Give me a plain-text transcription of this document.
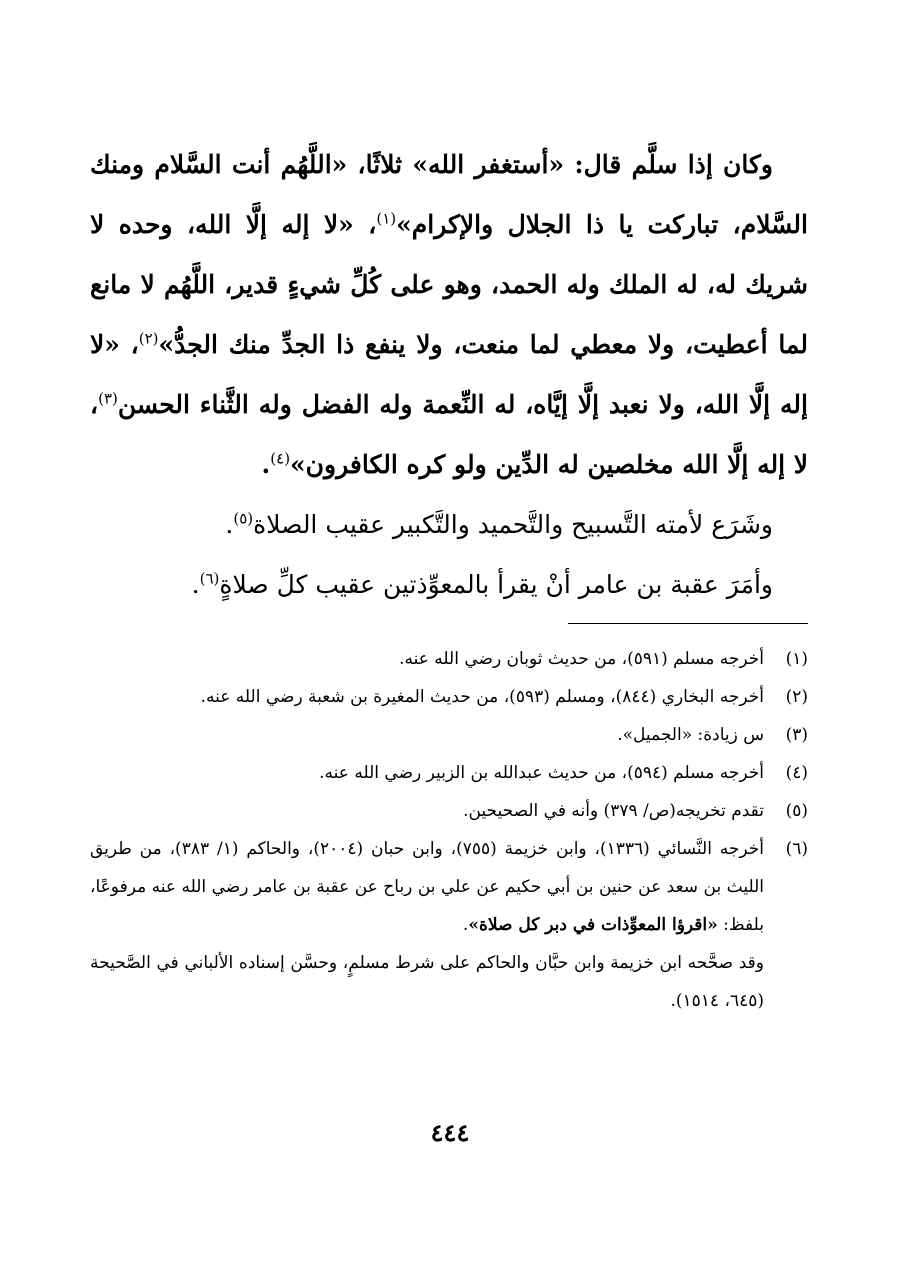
وكان إذا سلَّم قال: «أستغفر الله» ثلاثًا، «اللَّهُم أنت السَّلام ومنك السَّلام، تباركت يا ذا الجلال والإكرام»$^{(١)}$، «لا إله إلَّا الله، وحده لا شريك له، له الملك وله الحمد، وهو على كُلِّ شيءٍ قدير، اللَّهُم لا مانع لما أعطيت، ولا معطي لما منعت، ولا ينفع ذا الجدِّ منك الجدُّ»$^{(٢)}$، «لا إله إلَّا الله، ولا نعبد إلَّا إيَّاه، له النِّعمة وله الفضل وله الثَّناء الحسن$^{(٣)}$، لا إله إلَّا الله مخلصين له الدِّين ولو كره الكافرون»$^{(٤)}$.

وشَرَع لأمته التَّسبيح والتَّحميد والتَّكبير عقيب الصلاة$^{(٥)}$.

وأمَرَ عقبة بن عامر أنْ يقرأ بالمعوِّذتين عقيب كلِّ صلاةٍ$^{(٦)}$.

(١)
أخرجه مسلم (٥٩١)، من حديث ثوبان رضي الله عنه.
(٢)
أخرجه البخاري (٨٤٤)، ومسلم (٥٩٣)، من حديث المغيرة بن شعبة رضي الله عنه.
(٣)
س زيادة: «الجميل».
(٤)
أخرجه مسلم (٥٩٤)، من حديث عبدالله بن الزبير رضي الله عنه.
(٥)
تقدم تخريجه(ص/ ٣٧٩) وأنه في الصحيحين.
(٦)
أخرجه النَّسائي (١٣٣٦)، وابن خزيمة (٧٥٥)، وابن حبان (٢٠٠٤)، والحاكم (١/ ٣٨٣)، من طريق الليث بن سعد عن حنين بن أبي حكيم عن علي بن رباح عن عقبة بن عامر رضي الله عنه مرفوعًا، بلفظ: «اقرؤا المعوِّذات في دبر كل صلاة».
وقد صحَّحه ابن خزيمة وابن حبَّان والحاكم على شرط مسلمٍ، وحسَّن إسناده الألباني في الصَّحيحة (٦٤٥، ١٥١٤).
٤٤٤
